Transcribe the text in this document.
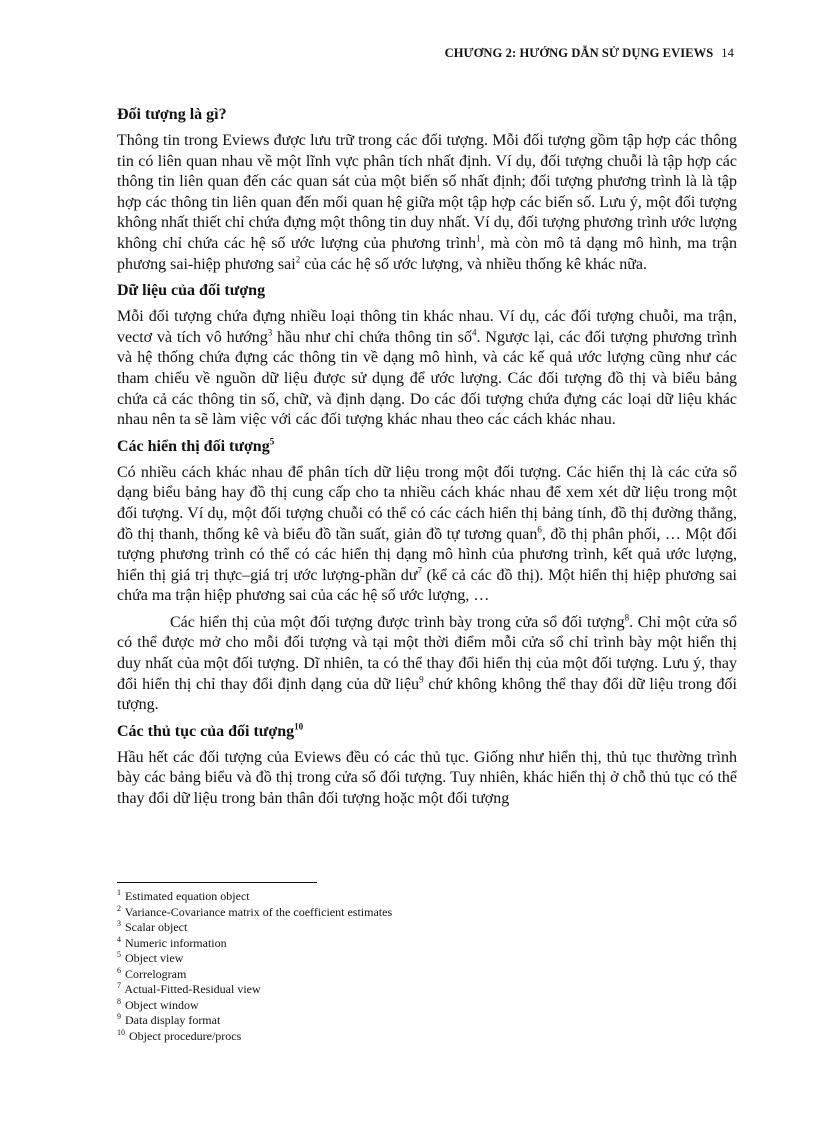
CHƯƠNG 2: HƯỚNG DẪN SỬ DỤNG EVIEWS 14
Đối tượng là gì?

Thông tin trong Eviews được lưu trữ trong các đối tượng. Mỗi đối tượng gồm tập hợp các thông tin có liên quan nhau về một lĩnh vực phân tích nhất định. Ví dụ, đối tượng chuỗi là tập hợp các thông tin liên quan đến các quan sát của một biến số nhất định; đối tượng phương trình là là tập hợp các thông tin liên quan đến mối quan hệ giữa một tập hợp các biến số. Lưu ý, một đối tượng không nhất thiết chỉ chứa đựng một thông tin duy nhất. Ví dụ, đối tượng phương trình ước lượng không chỉ chứa các hệ số ước lượng của phương trình$^1$, mà còn mô tả dạng mô hình, ma trận phương sai-hiệp phương sai$^2$ của các hệ số ước lượng, và nhiều thống kê khác nữa.

Dữ liệu của đối tượng

Mỗi đối tượng chứa đựng nhiều loại thông tin khác nhau. Ví dụ, các đối tượng chuỗi, ma trận, vectơ và tích vô hướng$^3$ hầu như chỉ chứa thông tin số$^4$. Ngược lại, các đối tượng phương trình và hệ thống chứa đựng các thông tin về dạng mô hình, và các kế quả ước lượng cũng như các tham chiếu về nguồn dữ liệu được sử dụng để ước lượng. Các đối tượng đồ thị và biểu bảng chứa cả các thông tin số, chữ, và định dạng. Do các đối tượng chứa đựng các loại dữ liệu khác nhau nên ta sẽ làm việc với các đối tượng khác nhau theo các cách khác nhau.

Các hiển thị đối tượng$^5$

Có nhiều cách khác nhau để phân tích dữ liệu trong một đối tượng. Các hiển thị là các cửa sổ dạng biểu bảng hay đồ thị cung cấp cho ta nhiều cách khác nhau để xem xét dữ liệu trong một đối tượng. Ví dụ, một đối tượng chuỗi có thể có các cách hiển thị bảng tính, đồ thị đường thẳng, đồ thị thanh, thống kê và biểu đồ tần suất, giản đồ tự tương quan$^6$, đồ thị phân phối, … Một đối tượng phương trình có thể có các hiển thị dạng mô hình của phương trình, kết quả ước lượng, hiển thị giá trị thực–giá trị ước lượng-phần $dư^7$ (kể cả các đồ thị). Một hiển thị hiệp phương sai chứa ma trận hiệp phương sai của các hệ số ước lượng, …

Các hiển thị của một đối tượng được trình bày trong cửa sổ đối tượng$^8$. Chỉ một cửa sổ có thể được mở cho mỗi đối tượng và tại một thời điểm mỗi cửa sổ chỉ trình bày một hiển thị duy nhất của một đối tượng. Dĩ nhiên, ta có thể thay đổi hiển thị của một đối tượng. Lưu ý, thay đổi hiển thị chỉ thay đổi định dạng của dữ liệu$^9$ chứ không không thể thay đổi dữ liệu trong đối tượng.

Các thủ tục của đối tượng$^{10}$

Hầu hết các đối tượng của Eviews đều có các thủ tục. Giống như hiển thị, thủ tục thường trình bày các bảng biểu và đồ thị trong cửa sổ đối tượng. Tuy nhiên, khác hiển thị ở chỗ thủ tục có thể thay đổi dữ liệu trong bản thân đối tượng hoặc một đối tượng

$^1$ Estimated equation object
$^2$ Variance-Covariance matrix of the coefficient estimates
$^3$ Scalar object
$^4$ Numeric information
$^5$ Object view
$^6$ Correlogram
$^7$ Actual-Fitted-Residual view
$^8$ Object window
$^9$ Data display format
$^{10}$ Object procedure/procs
